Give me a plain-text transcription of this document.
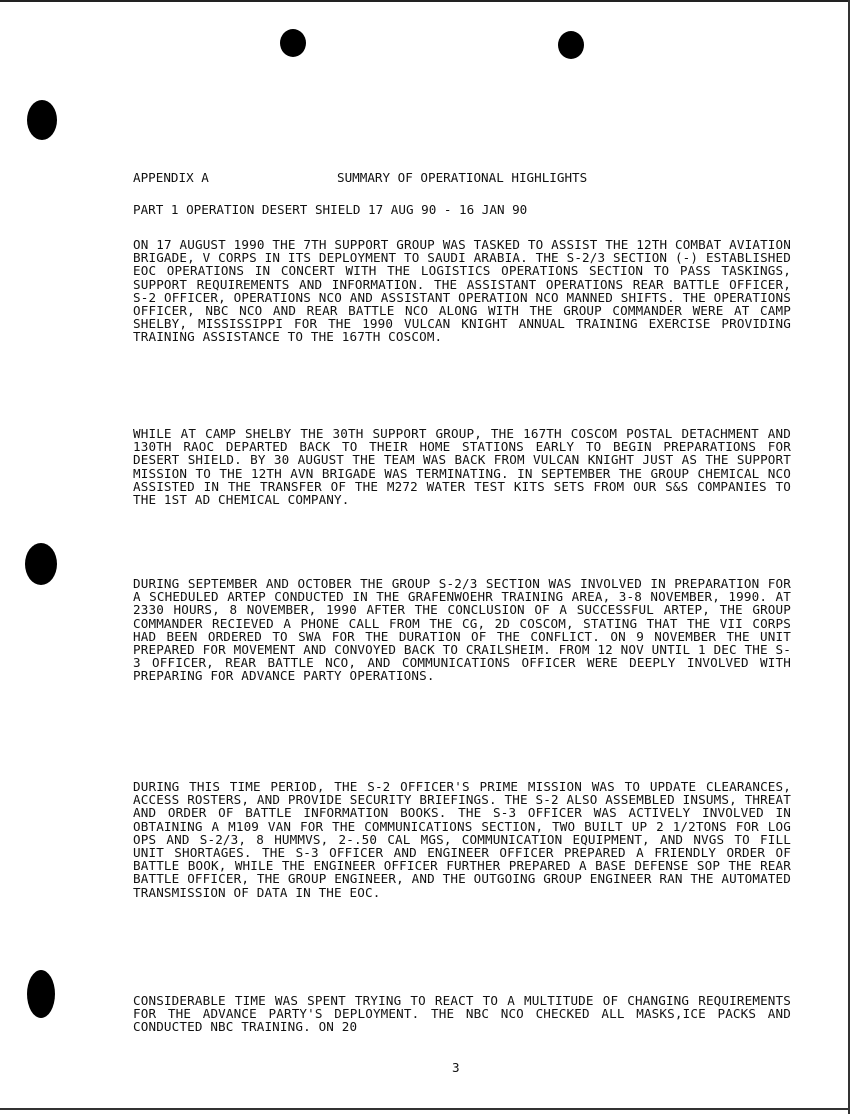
APPENDIX A	SUMMARY OF OPERATIONAL HIGHLIGHTS
PART 1 OPERATION DESERT SHIELD 17 AUG 90 - 16 JAN 90

ON 17 AUGUST 1990 THE 7TH SUPPORT GROUP WAS TASKED TO ASSIST THE 12TH COMBAT AVIATION BRIGADE, V CORPS IN ITS DEPLOYMENT TO SAUDI ARABIA. THE S-2/3 SECTION (-) ESTABLISHED EOC OPERATIONS IN CONCERT WITH THE LOGISTICS OPERATIONS SECTION TO PASS TASKINGS, SUPPORT REQUIREMENTS AND INFORMATION. THE ASSISTANT OPERATIONS REAR BATTLE OFFICER, S-2 OFFICER, OPERATIONS NCO AND ASSISTANT OPERATION NCO MANNED SHIFTS. THE OPERATIONS OFFICER, NBC NCO AND REAR BATTLE NCO ALONG WITH THE GROUP COMMANDER WERE AT CAMP SHELBY, MISSISSIPPI FOR THE 1990 VULCAN KNIGHT ANNUAL TRAINING EXERCISE PROVIDING TRAINING ASSISTANCE TO THE 167TH COSCOM.

WHILE AT CAMP SHELBY THE 30TH SUPPORT GROUP, THE 167TH COSCOM POSTAL DETACHMENT AND 130TH RAOC DEPARTED BACK TO THEIR HOME STATIONS EARLY TO BEGIN PREPARATIONS FOR DESERT SHIELD. BY 30 AUGUST THE TEAM WAS BACK FROM VULCAN KNIGHT JUST AS THE SUPPORT MISSION TO THE 12TH AVN BRIGADE WAS TERMINATING. IN SEPTEMBER THE GROUP CHEMICAL NCO ASSISTED IN THE TRANSFER OF THE M272 WATER TEST KITS SETS FROM OUR S&S COMPANIES TO THE 1ST AD CHEMICAL COMPANY.

DURING SEPTEMBER AND OCTOBER THE GROUP S-2/3 SECTION WAS INVOLVED IN PREPARATION FOR A SCHEDULED ARTEP CONDUCTED IN THE GRAFENWOEHR TRAINING AREA, 3-8 NOVEMBER, 1990. AT 2330 HOURS, 8 NOVEMBER, 1990 AFTER THE CONCLUSION OF A SUCCESSFUL ARTEP, THE GROUP COMMANDER RECIEVED A PHONE CALL FROM THE CG, 2D COSCOM, STATING THAT THE VII CORPS HAD BEEN ORDERED TO SWA FOR THE DURATION OF THE CONFLICT. ON 9 NOVEMBER THE UNIT PREPARED FOR MOVEMENT AND CONVOYED BACK TO CRAILSHEIM. FROM 12 NOV UNTIL 1 DEC THE S-3 OFFICER, REAR BATTLE NCO, AND COMMUNICATIONS OFFICER WERE DEEPLY INVOLVED WITH PREPARING FOR ADVANCE PARTY OPERATIONS.

DURING THIS TIME PERIOD, THE S-2 OFFICER'S PRIME MISSION WAS TO UPDATE CLEARANCES, ACCESS ROSTERS, AND PROVIDE SECURITY BRIEFINGS. THE S-2 ALSO ASSEMBLED INSUMS, THREAT AND ORDER OF BATTLE INFORMATION BOOKS. THE S-3 OFFICER WAS ACTIVELY INVOLVED IN OBTAINING A M109 VAN FOR THE COMMUNICATIONS SECTION, TWO BUILT UP 2 1/2TONS FOR LOG OPS AND S-2/3, 8 HUMMVS, 2-.50 CAL MGS, COMMUNICATION EQUIPMENT, AND NVGS TO FILL UNIT SHORTAGES. THE S-3 OFFICER AND ENGINEER OFFICER PREPARED A FRIENDLY ORDER OF BATTLE BOOK, WHILE THE ENGINEER OFFICER FURTHER PREPARED A BASE DEFENSE SOP THE REAR BATTLE OFFICER, THE GROUP ENGINEER, AND THE OUTGOING GROUP ENGINEER RAN THE AUTOMATED TRANSMISSION OF DATA IN THE EOC.

CONSIDERABLE TIME WAS SPENT TRYING TO REACT TO A MULTITUDE OF CHANGING REQUIREMENTS FOR THE ADVANCE PARTY'S DEPLOYMENT. THE NBC NCO CHECKED ALL MASKS,ICE PACKS AND CONDUCTED NBC TRAINING. ON 20

3
